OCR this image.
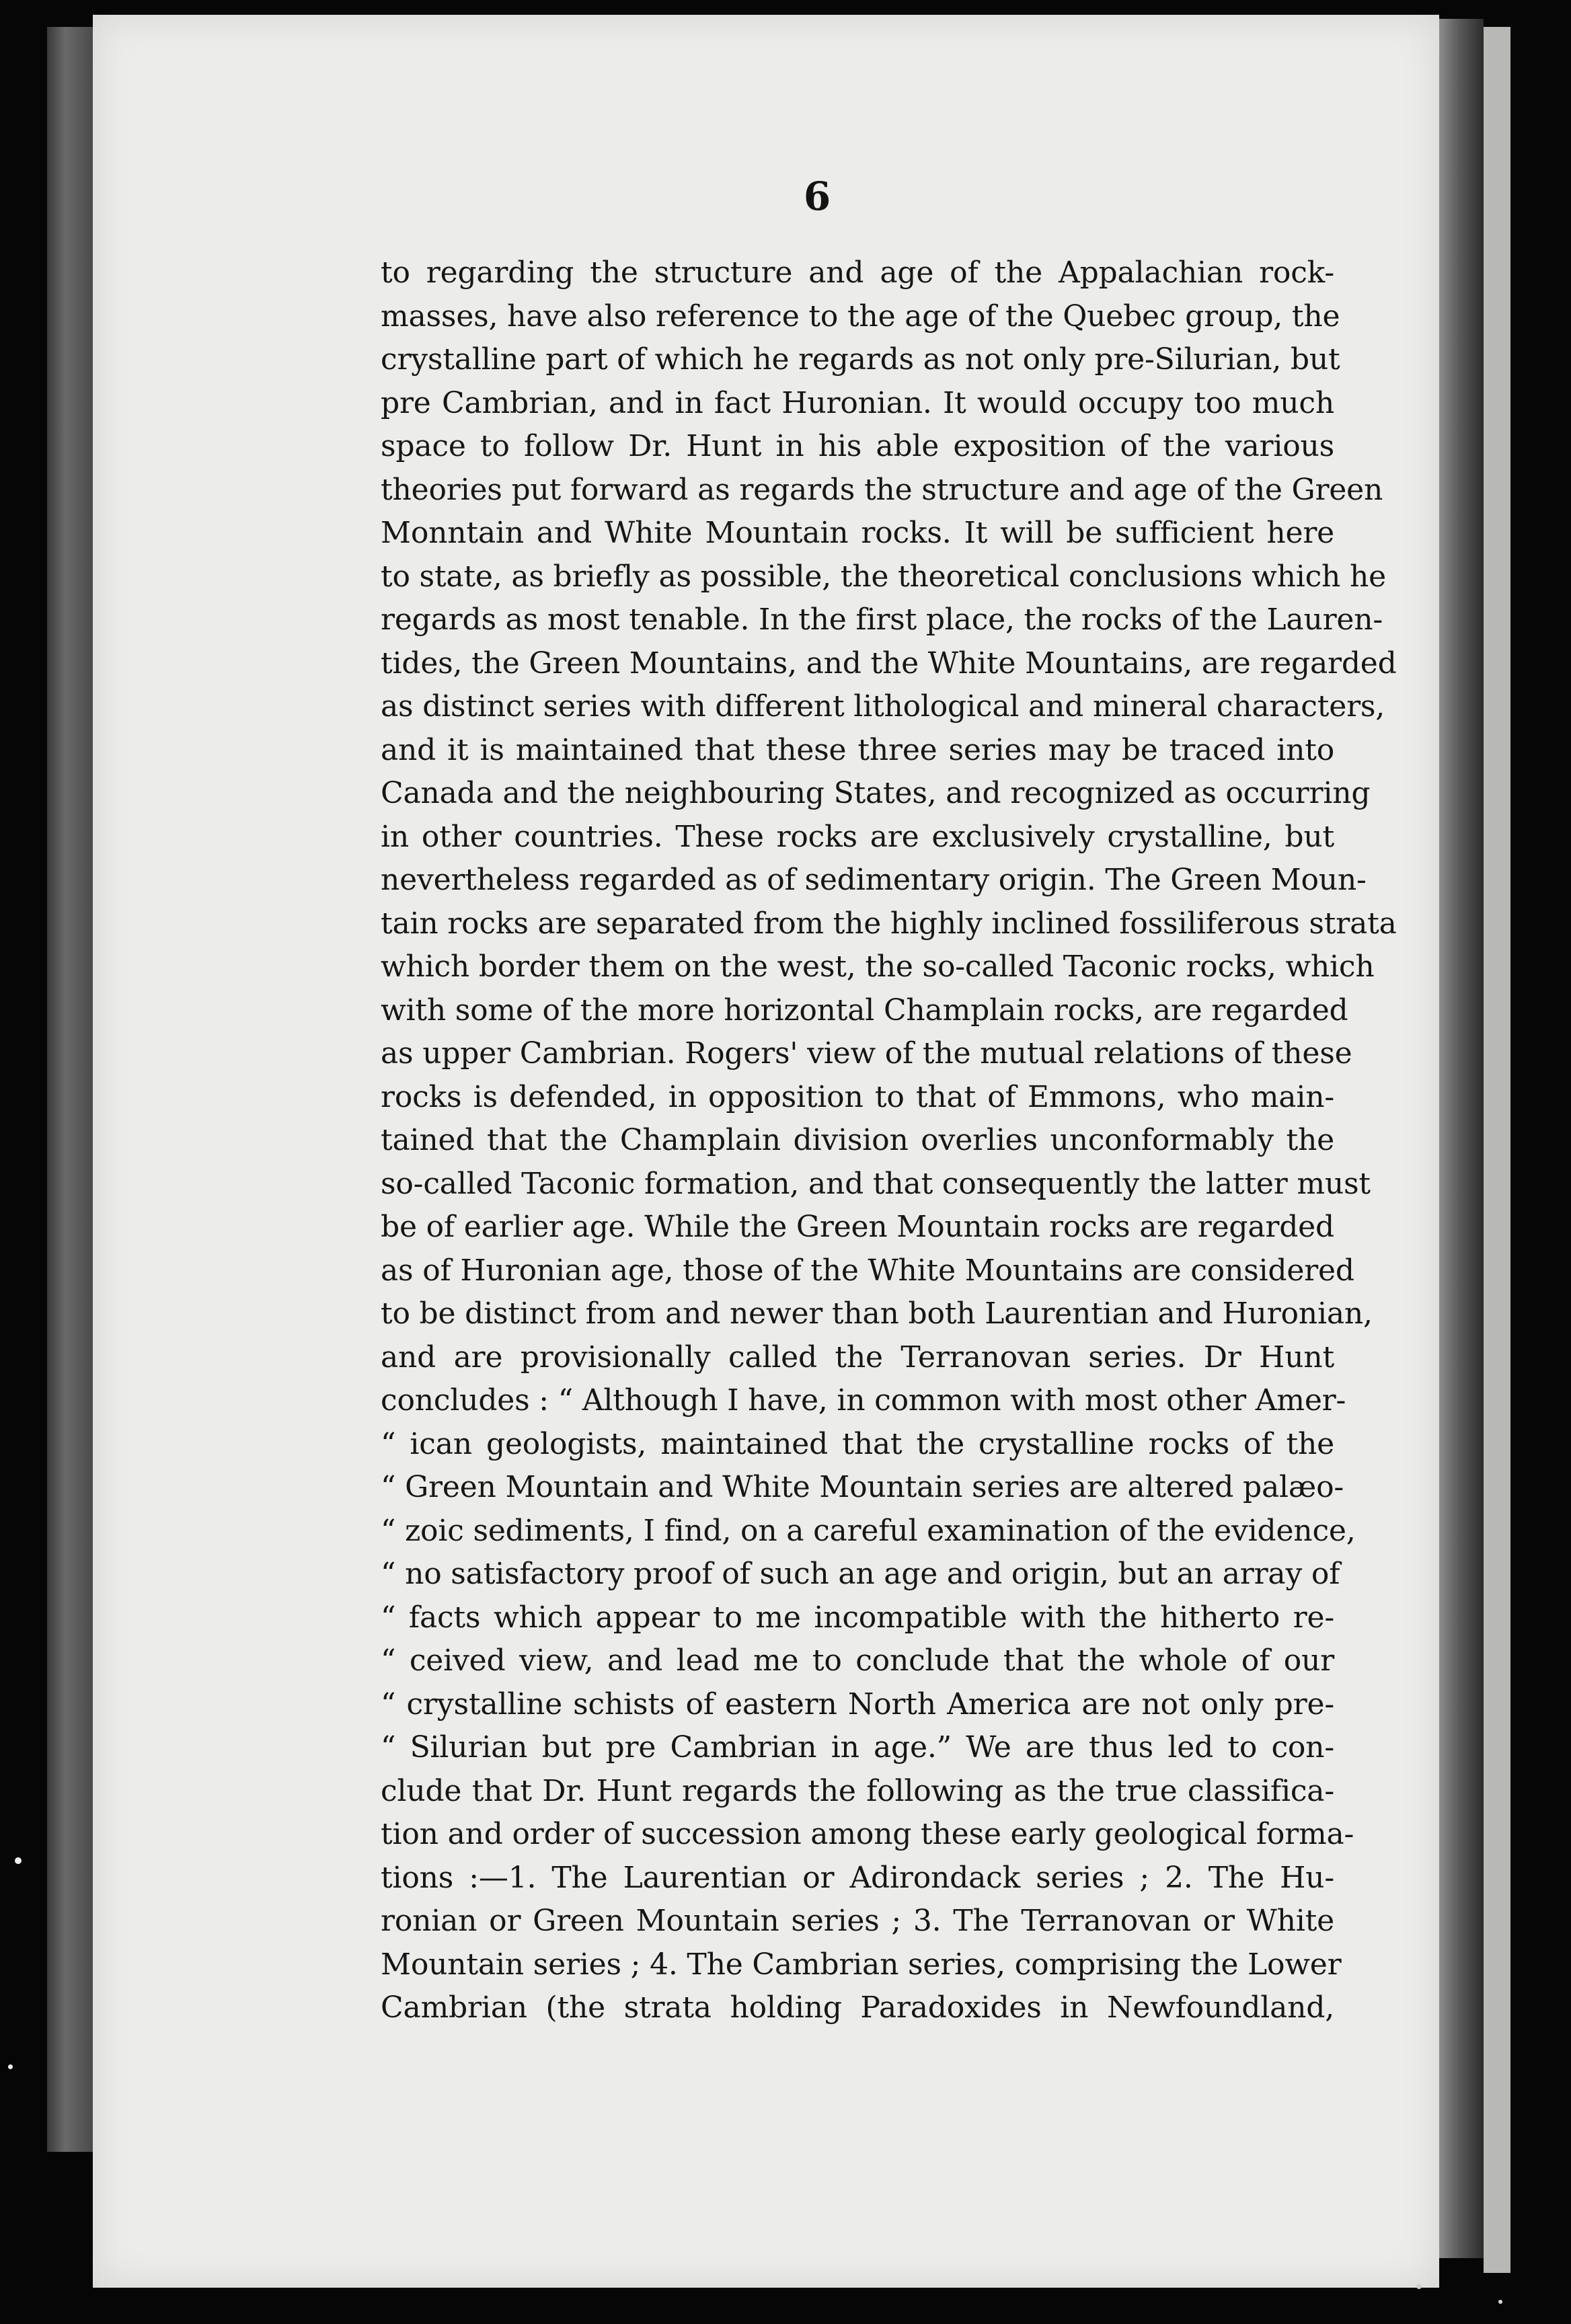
6
to regarding the structure and age of the Appalachian rock-
masses, have also reference to the age of the Quebec group, the
crystalline part of which he regards as not only pre-Silurian, but
pre Cambrian, and in fact Huronian. It would occupy too much
space to follow Dr. Hunt in his able exposition of the various
theories put forward as regards the structure and age of the Green
Monntain and White Mountain rocks. It will be sufficient here
to state, as briefly as possible, the theoretical conclusions which he
regards as most tenable. In the first place, the rocks of the Lauren-
tides, the Green Mountains, and the White Mountains, are regarded
as distinct series with different lithological and mineral characters,
and it is maintained that these three series may be traced into
Canada and the neighbouring States, and recognized as occurring
in other countries. These rocks are exclusively crystalline, but
nevertheless regarded as of sedimentary origin. The Green Moun-
tain rocks are separated from the highly inclined fossiliferous strata
which border them on the west, the so-called Taconic rocks, which
with some of the more horizontal Champlain rocks, are regarded
as upper Cambrian. Rogers' view of the mutual relations of these
rocks is defended, in opposition to that of Emmons, who main-
tained that the Champlain division overlies unconformably the
so-called Taconic formation, and that consequently the latter must
be of earlier age. While the Green Mountain rocks are regarded
as of Huronian age, those of the White Mountains are considered
to be distinct from and newer than both Laurentian and Huronian,
and are provisionally called the Terranovan series. Dr Hunt
concludes : “ Although I have, in common with most other Amer-
“ ican geologists, maintained that the crystalline rocks of the
“ Green Mountain and White Mountain series are altered palæo-
“ zoic sediments, I find, on a careful examination of the evidence,
“ no satisfactory proof of such an age and origin, but an array of
“ facts which appear to me incompatible with the hitherto re-
“ ceived view, and lead me to conclude that the whole of our
“ crystalline schists of eastern North America are not only pre-
“ Silurian but pre Cambrian in age.” We are thus led to con-
clude that Dr. Hunt regards the following as the true classifica-
tion and order of succession among these early geological forma-
tions :—1. The Laurentian or Adirondack series ; 2. The Hu-
ronian or Green Mountain series ; 3. The Terranovan or White
Mountain series ; 4. The Cambrian series, comprising the Lower
Cambrian (the strata holding Paradoxides in Newfoundland,
